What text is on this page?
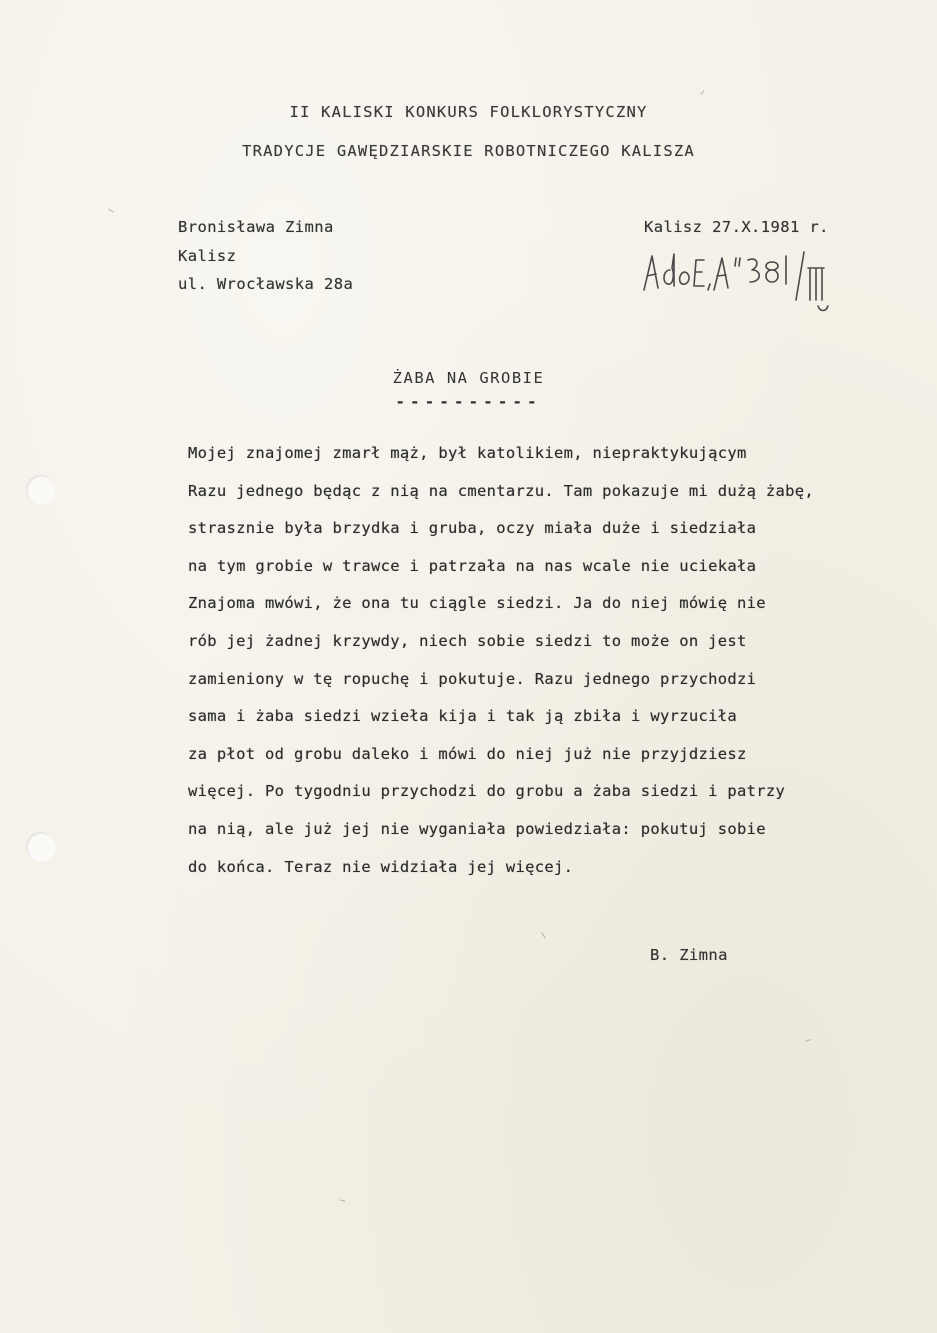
II KALISKI KONKURS FOLKLORYSTYCZNY
TRADYCJE GAWĘDZIARSKIE ROBOTNICZEGO KALISZA
Bronisława Zimna
Kalisz
ul. Wrocławska 28a
Kalisz 27.X.1981 r.
ŻABA NA GROBIE
----------
Mojej znajomej zmarł mąż, był katolikiem, niepraktykującym
Razu jednego będąc z nią na cmentarzu. Tam pokazuje mi dużą żabę,
strasznie była brzydka i gruba, oczy miała duże i siedziała
na tym grobie w trawce i patrzała na nas wcale nie uciekała
Znajoma mwówi, że ona tu ciągle siedzi. Ja do niej mówię nie
rób jej żadnej krzywdy, niech sobie siedzi to może on jest
zamieniony w tę ropuchę i pokutuje. Razu jednego przychodzi
sama i żaba siedzi wzieła kija i tak ją zbiła i wyrzuciła
za płot od grobu daleko i mówi do niej już nie przyjdziesz
więcej. Po tygodniu przychodzi do grobu a żaba siedzi i patrzy
na nią, ale już jej nie wyganiała powiedziała: pokutuj sobie
do końca. Teraz nie widziała jej więcej.
B. Zimna
